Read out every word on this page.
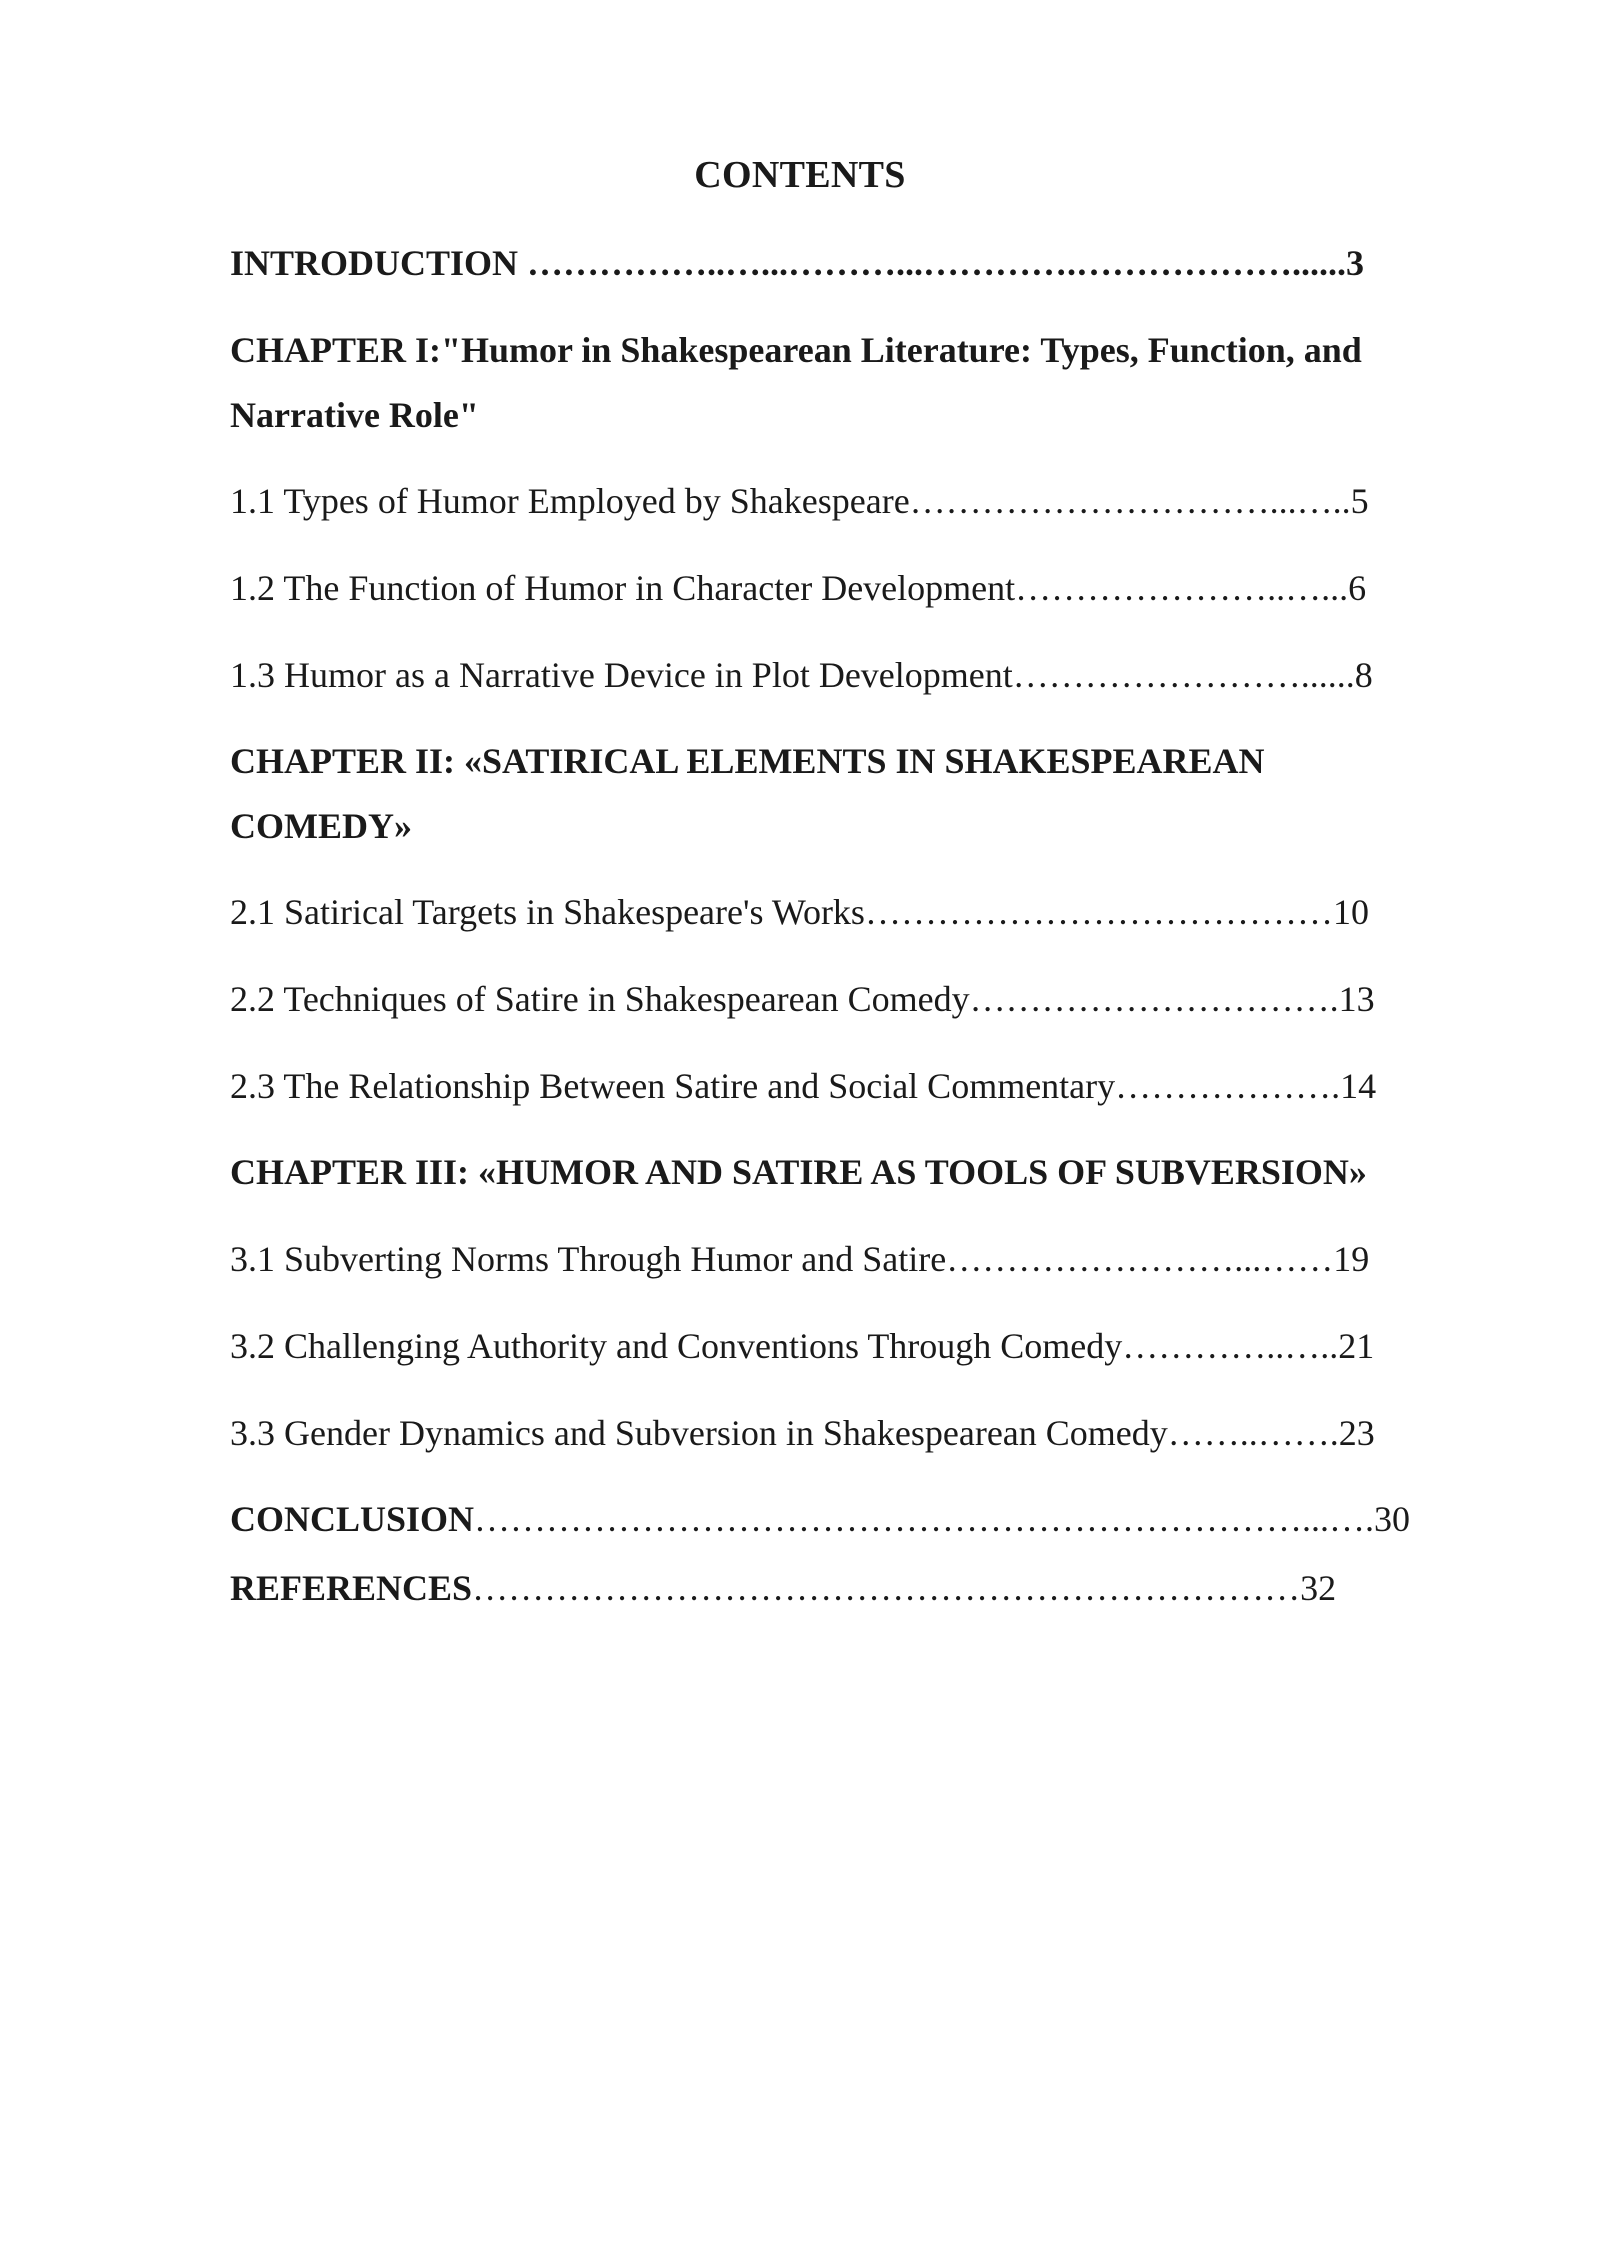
CONTENTS
INTRODUCTION ……………..…...………...………….………………......3
CHAPTER I:"Humor in Shakespearean Literature: Types, Function, and
Narrative Role"
1.1 Types of Humor Employed by Shakespeare…………………………...…..5
1.2 The Function of Humor in Character Development…………………..…...6
1.3 Humor as a Narrative Device in Plot Development……………………......8
CHAPTER II: «SATIRICAL ELEMENTS IN SHAKESPEAREAN
COMEDY»
2.1 Satirical Targets in Shakespeare's Works…………………………………10
2.2 Techniques of Satire in Shakespearean Comedy………………………….13
2.3 The Relationship Between Satire and Social Commentary……………….14
CHAPTER III: «HUMOR AND SATIRE AS TOOLS OF SUBVERSION»
3.1 Subverting Norms Through Humor and Satire……………………...……19
3.2 Challenging Authority and Conventions Through Comedy…………..…..21
3.3 Gender Dynamics and Subversion in Shakespearean Comedy……..…….23
CONCLUSION……………………………………………………………...….30
REFERENCES……………………………………………………………32
